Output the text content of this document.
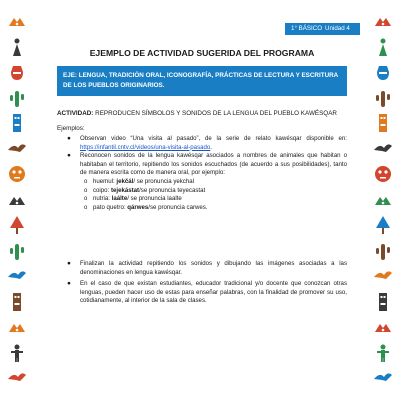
1° BÁSICO Unidad 4
EJEMPLO DE ACTIVIDAD SUGERIDA DEL PROGRAMA
EJE: LENGUA, TRADICIÓN ORAL, ICONOGRAFÍA, PRÁCTICAS DE LECTURA Y ESCRITURA DE LOS PUEBLOS ORIGINARIOS.
ACTIVIDAD: REPRODUCEN SÍMBOLOS Y SONIDOS DE LA LENGUA DEL PUEBLO KAWÉSQAR
Ejemplos:

● Observan video “Una visita al pasado”, de la serie de relato kawésqar disponible en: https://infantil.cntv.cl/videos/una-visita-al-pasado.

● Reconocen sonidos de la lengua kawésqar asociados a nombres de animales que habitan o habitaban el territorio, repitiendo los sonidos escuchados (de acuerdo a sus posibilidades), tanto de manera escrita como de manera oral, por ejemplo:

o huemul: jekčál/ se pronuncia yekchal

o coipo: tejekástat/se pronuncia teyecastat

o nutria: laálte/ se pronuncia laalte

o pato quetro: qárwes/se pronuncia carwes.

● Finalizan la actividad repitiendo los sonidos y dibujando las imágenes asociadas a las denominaciones en lengua kawésqar.

● En el caso de que existan estudiantes, educador tradicional y/o docente que conozcan otras lenguas, pueden hacer uso de estas para enseñar palabras, con la finalidad de promover su uso, cotidianamente, al interior de la sala de clases.
